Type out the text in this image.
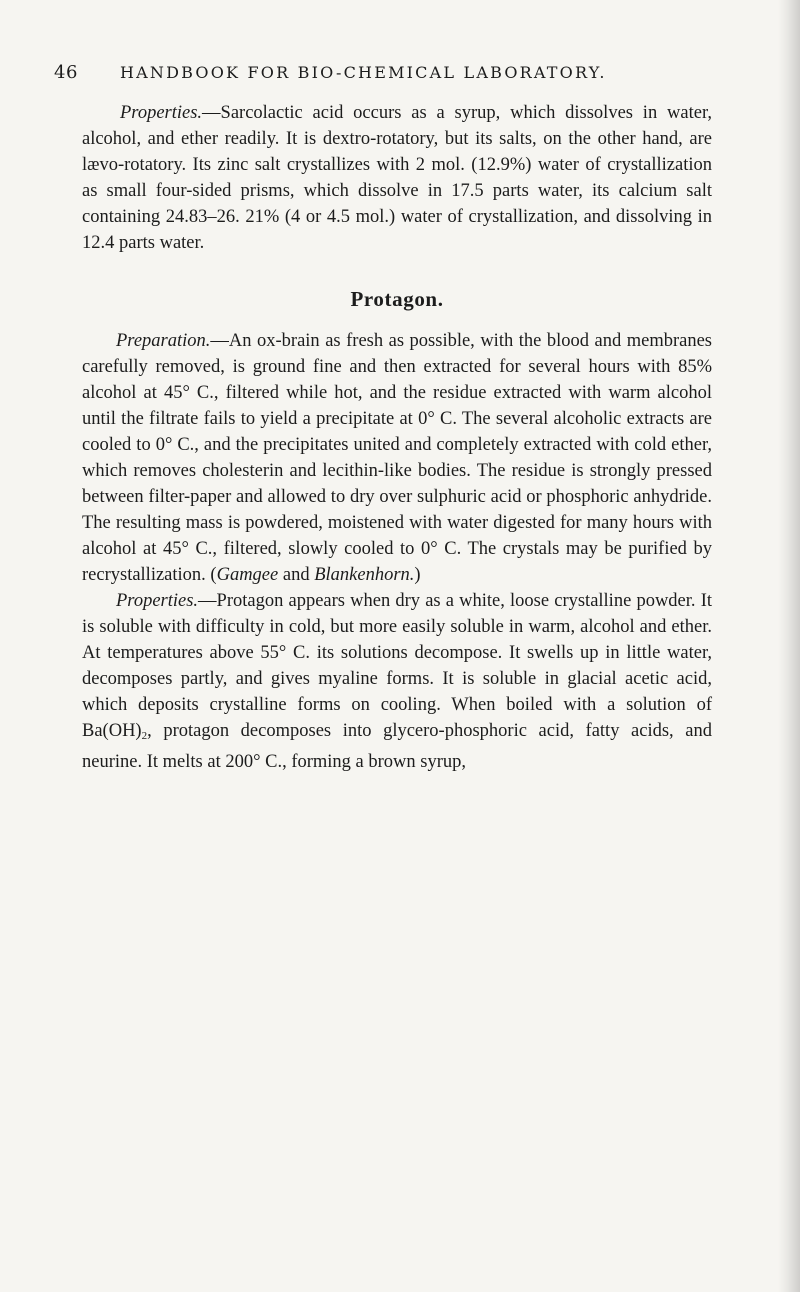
46	HANDBOOK FOR BIO-CHEMICAL LABORATORY.

Properties.—Sarcolactic acid occurs as a syrup, which dissolves in water, alcohol, and ether readily. It is dextro-rotatory, but its salts, on the other hand, are lævo-rotatory. Its zinc salt crystallizes with 2 mol. (12.9%) water of crystallization as small four-sided prisms, which dissolve in 17.5 parts water, its calcium salt containing 24.83–26. 21% (4 or 4.5 mol.) water of crystallization, and dissolving in 12.4 parts water.

Protagon.

Preparation.—An ox-brain as fresh as possible, with the blood and membranes carefully removed, is ground fine and then extracted for several hours with 85% alcohol at 45° C., filtered while hot, and the residue extracted with warm alcohol until the filtrate fails to yield a precipitate at 0° C. The several alcoholic extracts are cooled to 0° C., and the precipitates united and completely extracted with cold ether, which removes cholesterin and lecithin-like bodies. The residue is strongly pressed between filter-paper and allowed to dry over sulphuric acid or phosphoric anhydride. The resulting mass is powdered, moistened with water digested for many hours with alcohol at 45° C., filtered, slowly cooled to 0° C. The crystals may be purified by recrystallization. (Gamgee and Blankenhorn.)

Properties.—Protagon appears when dry as a white, loose crystalline powder. It is soluble with difficulty in cold, but more easily soluble in warm, alcohol and ether. At temperatures above 55° C. its solutions decompose. It swells up in little water, decomposes partly, and gives myaline forms. It is soluble in glacial acetic acid, which deposits crystalline forms on cooling. When boiled with a solution of $Ba(OH)_2$, protagon decomposes into glycero-phosphoric acid, fatty acids, and neurine. It melts at 200° C., forming a brown syrup,
